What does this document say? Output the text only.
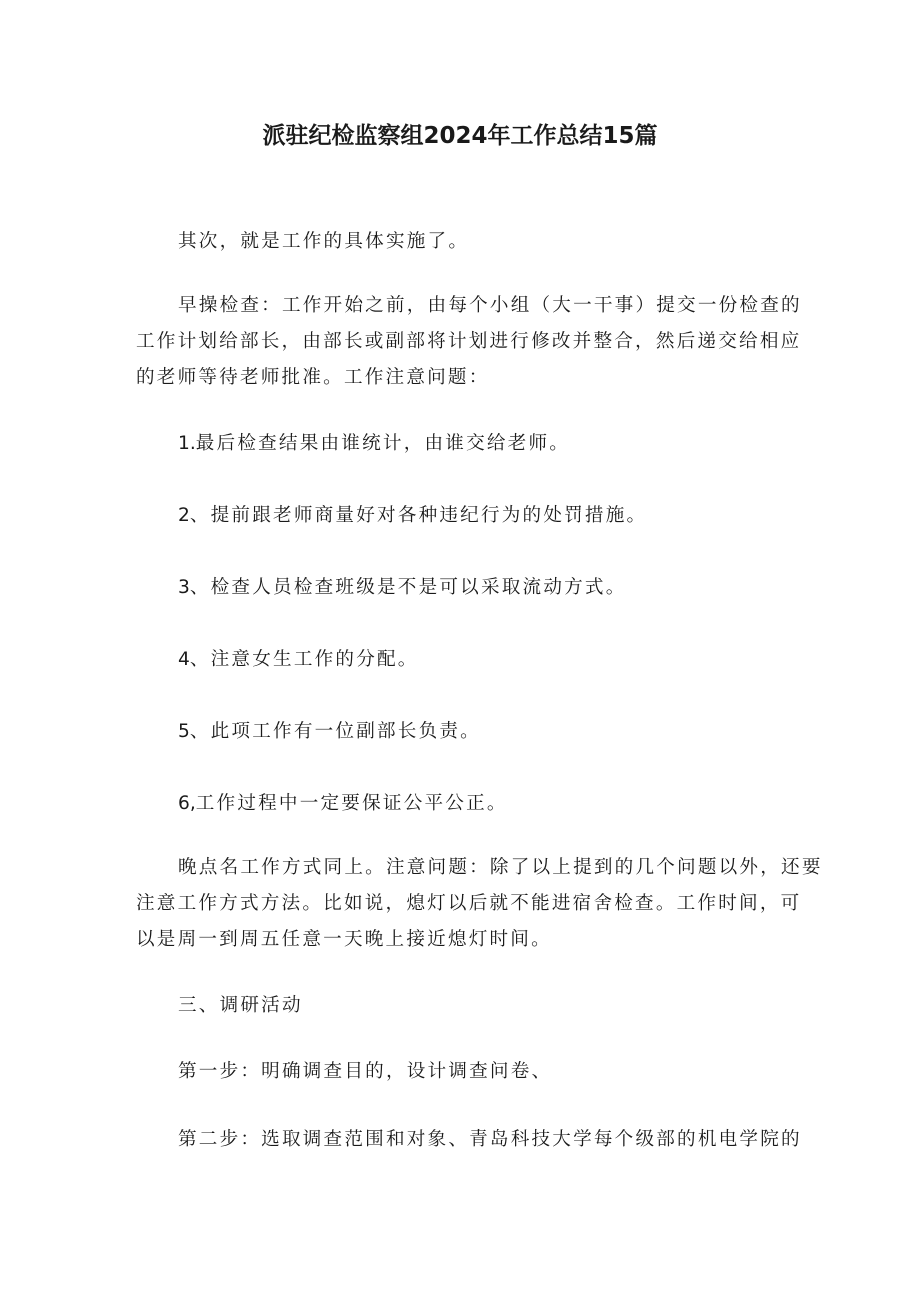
派驻纪检监察组2024年工作总结15篇
其次，就是工作的具体实施了。
早操检查：工作开始之前，由每个小组（大一干事）提交一份检查的
工作计划给部长，由部长或副部将计划进行修改并整合，然后递交给相应
的老师等待老师批准。工作注意问题：
1.最后检查结果由谁统计，由谁交给老师。
2、提前跟老师商量好对各种违纪行为的处罚措施。
3、检查人员检查班级是不是可以采取流动方式。
4、注意女生工作的分配。
5、此项工作有一位副部长负责。
6,工作过程中一定要保证公平公正。
晚点名工作方式同上。注意问题：除了以上提到的几个问题以外，还要
注意工作方式方法。比如说，熄灯以后就不能进宿舍检查。工作时间，可
以是周一到周五任意一天晚上接近熄灯时间。
三、调研活动
第一步：明确调查目的，设计调查问卷、
第二步：选取调查范围和对象、青岛科技大学每个级部的机电学院的
